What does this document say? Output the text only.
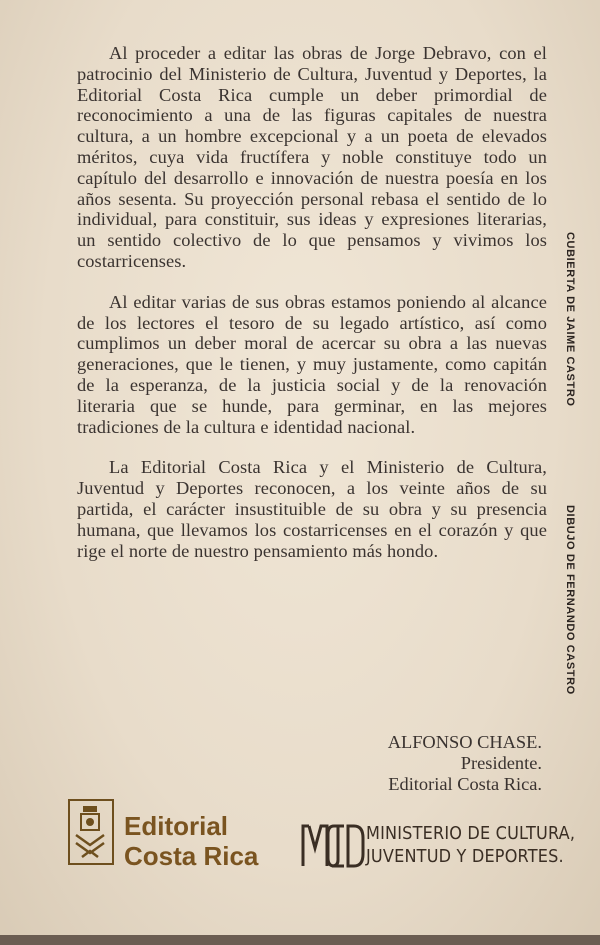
Al proceder a editar las obras de Jorge Debravo, con el patrocinio del Ministerio de Cultura, Juventud y Deportes, la Editorial Costa Rica cumple un deber primordial de reconocimiento a una de las figuras capitales de nuestra cultura, a un hombre excepcional y a un poeta de elevados méritos, cuya vida fructífera y noble constituye todo un capítulo del desarrollo e innovación de nuestra poesía en los años sesenta. Su proyección personal rebasa el sentido de lo individual, para constituir, sus ideas y expresiones literarias, un sentido colectivo de lo que pensamos y vivimos los costarricenses.

Al editar varias de sus obras estamos poniendo al alcance de los lectores el tesoro de su legado artístico, así como cumplimos un deber moral de acercar su obra a las nuevas generaciones, que le tienen, y muy justamente, como capitán de la esperanza, de la justicia social y de la renovación literaria que se hunde, para germinar, en las mejores tradiciones de la cultura e identidad nacional.

La Editorial Costa Rica y el Ministerio de Cultura, Juventud y Deportes reconocen, a los veinte años de su partida, el carácter insustituible de su obra y su presencia humana, que llevamos los costarricenses en el corazón y que rige el norte de nuestro pensamiento más hondo.

ALFONSO CHASE.
Presidente.
Editorial Costa Rica.
CUBIERTA DE JAIME CASTRO
DIBUJO DE FERNANDO CASTRO
Editorial
Costa Rica
MINISTERIO DE CULTURA,
JUVENTUD Y DEPORTES.
